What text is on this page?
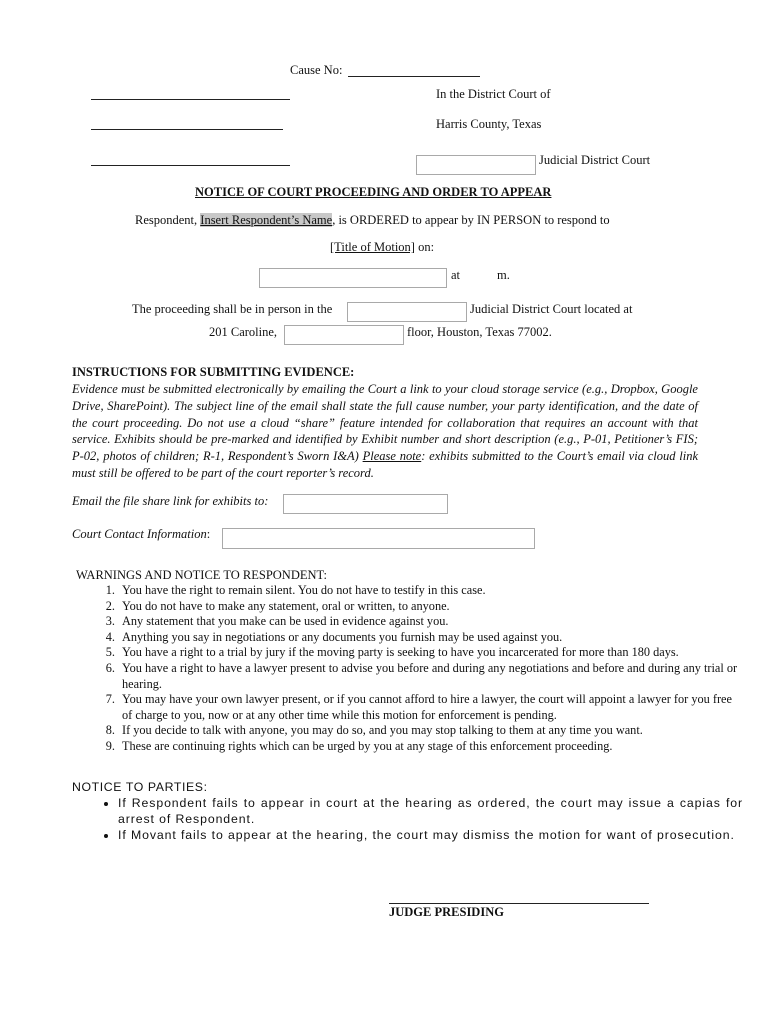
Cause No:
In the District Court of
Harris County, Texas
Judicial District Court
NOTICE OF COURT PROCEEDING AND ORDER TO APPEAR
Respondent, Insert Respondent’s Name, is ORDERED to appear by IN PERSON to respond to
[Title of Motion] on:
at	m.
The proceeding shall be in person in the	Judicial District Court located at
201 Caroline,	floor, Houston, Texas 77002.
INSTRUCTIONS FOR SUBMITTING EVIDENCE:
Evidence must be submitted electronically by emailing the Court a link to your cloud storage service (e.g., Dropbox, Google Drive, SharePoint). The subject line of the email shall state the full cause number, your party identification, and the date of the court proceeding. Do not use a cloud “share” feature intended for collaboration that requires an account with that service. Exhibits should be pre-marked and identified by Exhibit number and short description (e.g., P-01, Petitioner’s FIS; P-02, photos of children; R-1, Respondent’s Sworn I&A) Please note: exhibits submitted to the Court’s email via cloud link must still be offered to be part of the court reporter’s record.
Email the file share link for exhibits to:
Court Contact Information:
WARNINGS AND NOTICE TO RESPONDENT:
1. You have the right to remain silent. You do not have to testify in this case.
2. You do not have to make any statement, oral or written, to anyone.
3. Any statement that you make can be used in evidence against you.
4. Anything you say in negotiations or any documents you furnish may be used against you.
5. You have a right to a trial by jury if the moving party is seeking to have you incarcerated for more than 180 days.
6. You have a right to have a lawyer present to advise you before and during any negotiations and before and during any trial or hearing.
7. You may have your own lawyer present, or if you cannot afford to hire a lawyer, the court will appoint a lawyer for you free of charge to you, now or at any other time while this motion for enforcement is pending.
8. If you decide to talk with anyone, you may do so, and you may stop talking to them at any time you want.
9. These are continuing rights which can be urged by you at any stage of this enforcement proceeding.
NOTICE TO PARTIES:
• If Respondent fails to appear in court at the hearing as ordered, the court may issue a capias for arrest of Respondent.
• If Movant fails to appear at the hearing, the court may dismiss the motion for want of prosecution.
JUDGE PRESIDING
